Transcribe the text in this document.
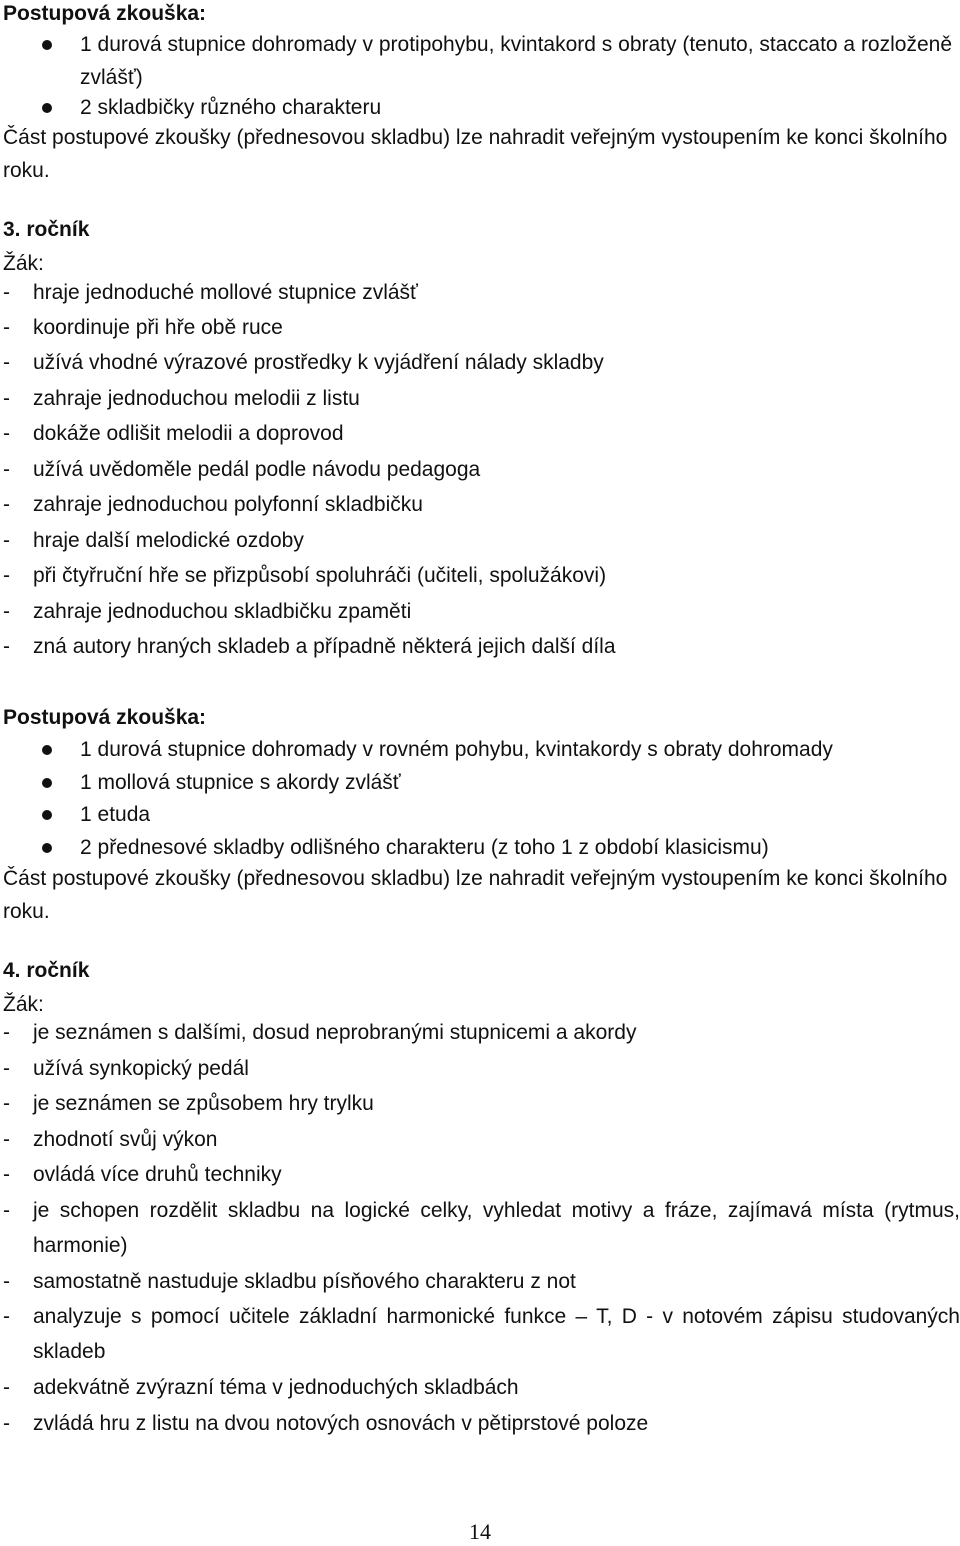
Postupová zkouška:
1 durová stupnice dohromady v protipohybu, kvintakord s obraty (tenuto, staccato a rozloženě zvlášť)
2 skladbičky různého charakteru
Část postupové zkoušky (přednesovou skladbu) lze nahradit veřejným vystoupením ke konci školního roku.
3. ročník
Žák:
- hraje jednoduché mollové stupnice zvlášť
- koordinuje při hře obě ruce
- užívá vhodné výrazové prostředky k vyjádření nálady skladby
- zahraje jednoduchou melodii z listu
- dokáže odlišit melodii a doprovod
- užívá uvědoměle pedál podle návodu pedagoga
- zahraje jednoduchou polyfonní skladbičku
- hraje další melodické ozdoby
- při čtyřruční hře se přizpůsobí spoluhráči (učiteli, spolužákovi)
- zahraje jednoduchou skladbičku zpaměti
- zná autory hraných skladeb a případně některá jejich další díla
Postupová zkouška:
1 durová stupnice dohromady v rovném pohybu, kvintakordy s obraty dohromady
1 mollová stupnice s akordy zvlášť
1 etuda
2 přednesové skladby odlišného charakteru (z toho 1 z období klasicismu)
Část postupové zkoušky (přednesovou skladbu) lze nahradit veřejným vystoupením ke konci školního roku.
4. ročník
Žák:
- je seznámen s dalšími, dosud neprobranými stupnicemi a akordy
- užívá synkopický pedál
- je seznámen se způsobem hry trylku
- zhodnotí svůj výkon
- ovládá více druhů techniky
- je schopen rozdělit skladbu na logické celky, vyhledat motivy a fráze, zajímavá místa (rytmus, harmonie)
- samostatně nastuduje skladbu písňového charakteru z not
- analyzuje s pomocí učitele základní harmonické funkce – T, D - v notovém zápisu studovaných skladeb
- adekvátně zvýrazní téma v jednoduchých skladbách
- zvládá hru z listu na dvou notových osnovách v pětiprstové poloze
14
